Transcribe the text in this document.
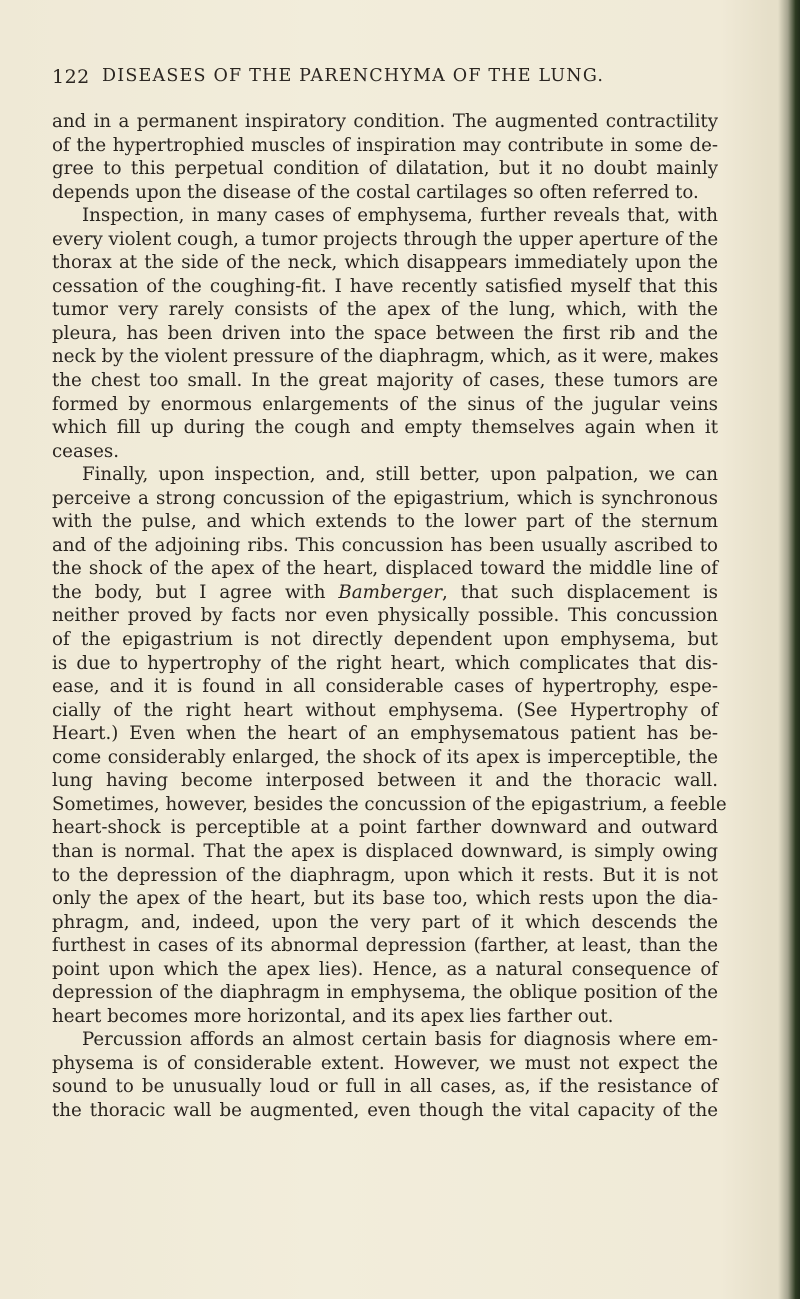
122 DISEASES OF THE PARENCHYMA OF THE LUNG.
and in a permanent inspiratory condition. The augmented contractility
of the hypertrophied muscles of inspiration may contribute in some de-
gree to this perpetual condition of dilatation, but it no doubt mainly
depends upon the disease of the costal cartilages so often referred to.
Inspection, in many cases of emphysema, further reveals that, with
every violent cough, a tumor projects through the upper aperture of the
thorax at the side of the neck, which disappears immediately upon the
cessation of the coughing-fit. I have recently satisfied myself that this
tumor very rarely consists of the apex of the lung, which, with the
pleura, has been driven into the space between the first rib and the
neck by the violent pressure of the diaphragm, which, as it were, makes
the chest too small. In the great majority of cases, these tumors are
formed by enormous enlargements of the sinus of the jugular veins
which fill up during the cough and empty themselves again when it
ceases.
Finally, upon inspection, and, still better, upon palpation, we can
perceive a strong concussion of the epigastrium, which is synchronous
with the pulse, and which extends to the lower part of the sternum
and of the adjoining ribs. This concussion has been usually ascribed to
the shock of the apex of the heart, displaced toward the middle line of
the body, but I agree with Bamberger, that such displacement is
neither proved by facts nor even physically possible. This concussion
of the epigastrium is not directly dependent upon emphysema, but
is due to hypertrophy of the right heart, which complicates that dis-
ease, and it is found in all considerable cases of hypertrophy, espe-
cially of the right heart without emphysema. (See Hypertrophy of
Heart.) Even when the heart of an emphysematous patient has be-
come considerably enlarged, the shock of its apex is imperceptible, the
lung having become interposed between it and the thoracic wall.
Sometimes, however, besides the concussion of the epigastrium, a feeble
heart-shock is perceptible at a point farther downward and outward
than is normal. That the apex is displaced downward, is simply owing
to the depression of the diaphragm, upon which it rests. But it is not
only the apex of the heart, but its base too, which rests upon the dia-
phragm, and, indeed, upon the very part of it which descends the
furthest in cases of its abnormal depression (farther, at least, than the
point upon which the apex lies). Hence, as a natural consequence of
depression of the diaphragm in emphysema, the oblique position of the
heart becomes more horizontal, and its apex lies farther out.
Percussion affords an almost certain basis for diagnosis where em-
physema is of considerable extent. However, we must not expect the
sound to be unusually loud or full in all cases, as, if the resistance of
the thoracic wall be augmented, even though the vital capacity of the
